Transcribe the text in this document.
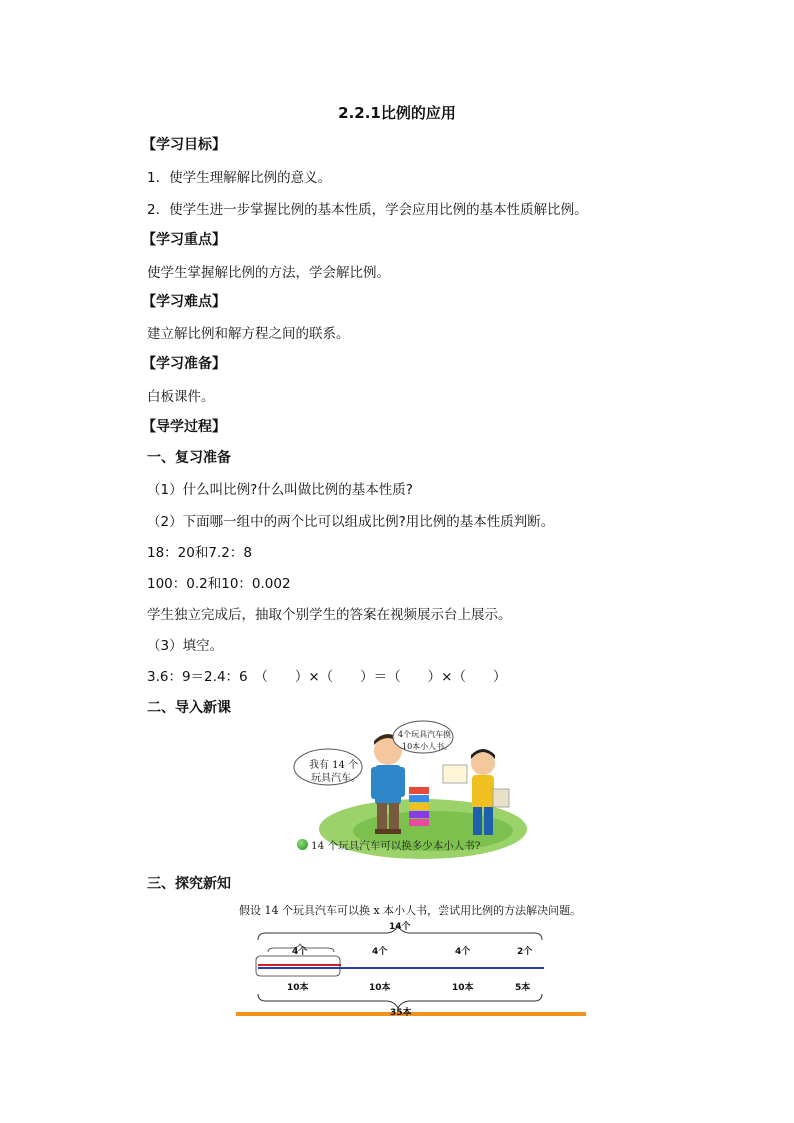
2.2.1比例的应用
【学习目标】
1．使学生理解解比例的意义。
2．使学生进一步掌握比例的基本性质，学会应用比例的基本性质解比例。
【学习重点】
使学生掌握解比例的方法，学会解比例。
【学习难点】
建立解比例和解方程之间的联系。
【学习准备】
白板课件。
【导学过程】
一、复习准备
（1）什么叫比例?什么叫做比例的基本性质?
（2）下面哪一组中的两个比可以组成比例?用比例的基本性质判断。
18：20和7.2：8
100：0.2和10：0.002
学生独立完成后，抽取个别学生的答案在视频展示台上展示。
（3）填空。
3.6：9＝2.4：6　（　　）×（　　）＝（　　）×（　　）
二、导入新课
我有 14 个
玩具汽车。
4个玩具汽车换
10本小人书。
14 个玩具汽车可以换多少本小人书?
三、探究新知
假设 14 个玩具汽车可以换 x 本小人书，尝试用比例的方法解决问题。
14个
4个	4个	4个	2个
10本	10本	10本	5本
35本
